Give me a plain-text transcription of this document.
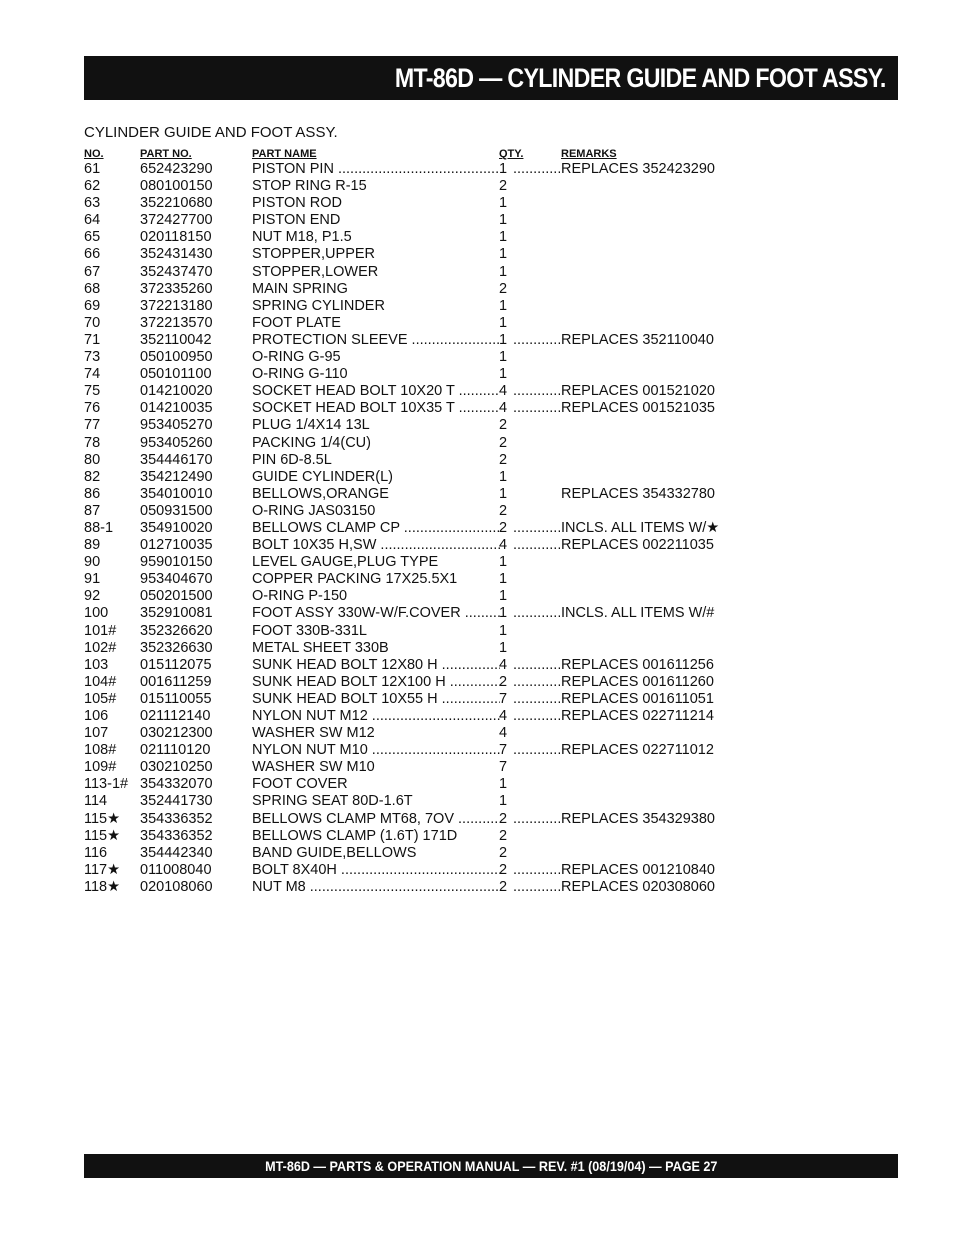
MT-86D — CYLINDER GUIDE AND FOOT ASSY.
CYLINDER GUIDE AND FOOT ASSY.
NO.	PART NO.	PART NAME	QTY.	REMARKS
61	652423290	PISTON PIN .....	1 .....	REPLACES 352423290
62	080100150	STOP RING R-15	2
63	352210680	PISTON ROD	1
64	372427700	PISTON END	1
65	020118150	NUT M18, P1.5	1
66	352431430	STOPPER,UPPER	1
67	352437470	STOPPER,LOWER	1
68	372335260	MAIN SPRING	2
69	372213180	SPRING CYLINDER	1
70	372213570	FOOT PLATE	1
71	352110042	PROTECTION SLEEVE .....	1 .....	REPLACES 352110040
73	050100950	O-RING G-95	1
74	050101100	O-RING G-110	1
75	014210020	SOCKET HEAD BOLT 10X20 T .....	4 .....	REPLACES 001521020
76	014210035	SOCKET HEAD BOLT 10X35 T .....	4 .....	REPLACES 001521035
77	953405270	PLUG 1/4X14 13L	2
78	953405260	PACKING 1/4(CU)	2
80	354446170	PIN 6D-8.5L	2
82	354212490	GUIDE CYLINDER(L)	1
86	354010010	BELLOWS,ORANGE	1	REPLACES 354332780
87	050931500	O-RING JAS03150	2
88-1 354910020	BELLOWS CLAMP CP .....	2 .....	INCLS. ALL ITEMS W/★
89	012710035	BOLT 10X35 H,SW .....	4 .....	REPLACES 002211035
90	959010150	LEVEL GAUGE,PLUG TYPE	1
91	953404670	COPPER PACKING 17X25.5X1	1
92	050201500	O-RING P-150	1
100 352910081	FOOT ASSY 330W-W/F.COVER .....	1 .....	INCLS. ALL ITEMS W/#
101# 352326620	FOOT 330B-331L	1
102# 352326630	METAL SHEET 330B	1
103 015112075	SUNK HEAD BOLT 12X80 H .....	4 .....	REPLACES 001611256
104# 001611259	SUNK HEAD BOLT 12X100 H .....	2 .....	REPLACES 001611260
105# 015110055	SUNK HEAD BOLT 10X55 H .....	7 .....	REPLACES 001611051
106 021112140	NYLON NUT M12 .....	4 .....	REPLACES 022711214
107 030212300	WASHER SW M12	4
108# 021110120	NYLON NUT M10 .....	7 .....	REPLACES 022711012
109# 030210250	WASHER SW M10	7
113-1# 354332070	FOOT COVER	1
114 352441730	SPRING SEAT 80D-1.6T	1
115★ 354336352	BELLOWS CLAMP MT68, 7OV .....	2 .....	REPLACES 354329380
115★ 354336352	BELLOWS CLAMP (1.6T) 171D	2
116 354442340	BAND GUIDE,BELLOWS	2
117★ 011008040	BOLT 8X40H .....	2 .....	REPLACES 001210840
118★ 020108060	NUT M8 .....	2 .....	REPLACES 020308060
MT-86D — PARTS & OPERATION MANUAL — REV. #1 (08/19/04) — PAGE 27
